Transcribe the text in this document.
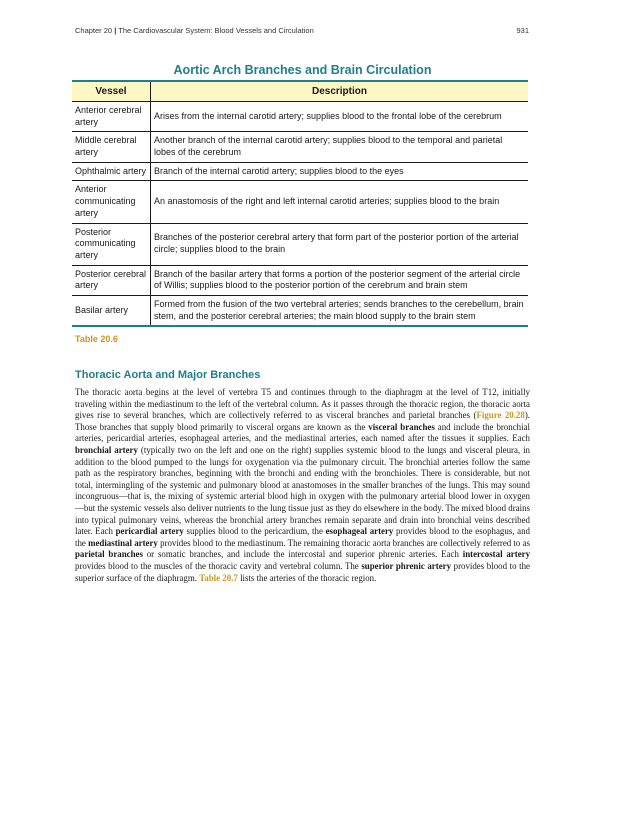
Chapter 20 | The Cardiovascular System: Blood Vessels and Circulation	931
Aortic Arch Branches and Brain Circulation
Vessel	Description
Anterior cerebral artery	Arises from the internal carotid artery; supplies blood to the frontal lobe of the cerebrum
Middle cerebral artery	Another branch of the internal carotid artery; supplies blood to the temporal and parietal lobes of the cerebrum
Ophthalmic artery	Branch of the internal carotid artery; supplies blood to the eyes
Anterior communicating artery	An anastomosis of the right and left internal carotid arteries; supplies blood to the brain
Posterior communicating artery	Branches of the posterior cerebral artery that form part of the posterior portion of the arterial circle; supplies blood to the brain
Posterior cerebral artery	Branch of the basilar artery that forms a portion of the posterior segment of the arterial circle of Willis; supplies blood to the posterior portion of the cerebrum and brain stem
Basilar artery	Formed from the fusion of the two vertebral arteries; sends branches to the cerebellum, brain stem, and the posterior cerebral arteries; the main blood supply to the brain stem
Table 20.6
Thoracic Aorta and Major Branches
The thoracic aorta begins at the level of vertebra T5 and continues through to the diaphragm at the level of T12, initially traveling within the mediastinum to the left of the vertebral column. As it passes through the thoracic region, the thoracic aorta gives rise to several branches, which are collectively referred to as visceral branches and parietal branches (Figure 20.28). Those branches that supply blood primarily to visceral organs are known as the visceral branches and include the bronchial arteries, pericardial arteries, esophageal arteries, and the mediastinal arteries, each named after the tissues it supplies. Each bronchial artery (typically two on the left and one on the right) supplies systemic blood to the lungs and visceral pleura, in addition to the blood pumped to the lungs for oxygenation via the pulmonary circuit. The bronchial arteries follow the same path as the respiratory branches, beginning with the bronchi and ending with the bronchioles. There is considerable, but not total, intermingling of the systemic and pulmonary blood at anastomoses in the smaller branches of the lungs. This may sound incongruous—that is, the mixing of systemic arterial blood high in oxygen with the pulmonary arterial blood lower in oxygen—but the systemic vessels also deliver nutrients to the lung tissue just as they do elsewhere in the body. The mixed blood drains into typical pulmonary veins, whereas the bronchial artery branches remain separate and drain into bronchial veins described later. Each pericardial artery supplies blood to the pericardium, the esophageal artery provides blood to the esophagus, and the mediastinal artery provides blood to the mediastinum. The remaining thoracic aorta branches are collectively referred to as parietal branches or somatic branches, and include the intercostal and superior phrenic arteries. Each intercostal artery provides blood to the muscles of the thoracic cavity and vertebral column. The superior phrenic artery provides blood to the superior surface of the diaphragm. Table 20.7 lists the arteries of the thoracic region.
